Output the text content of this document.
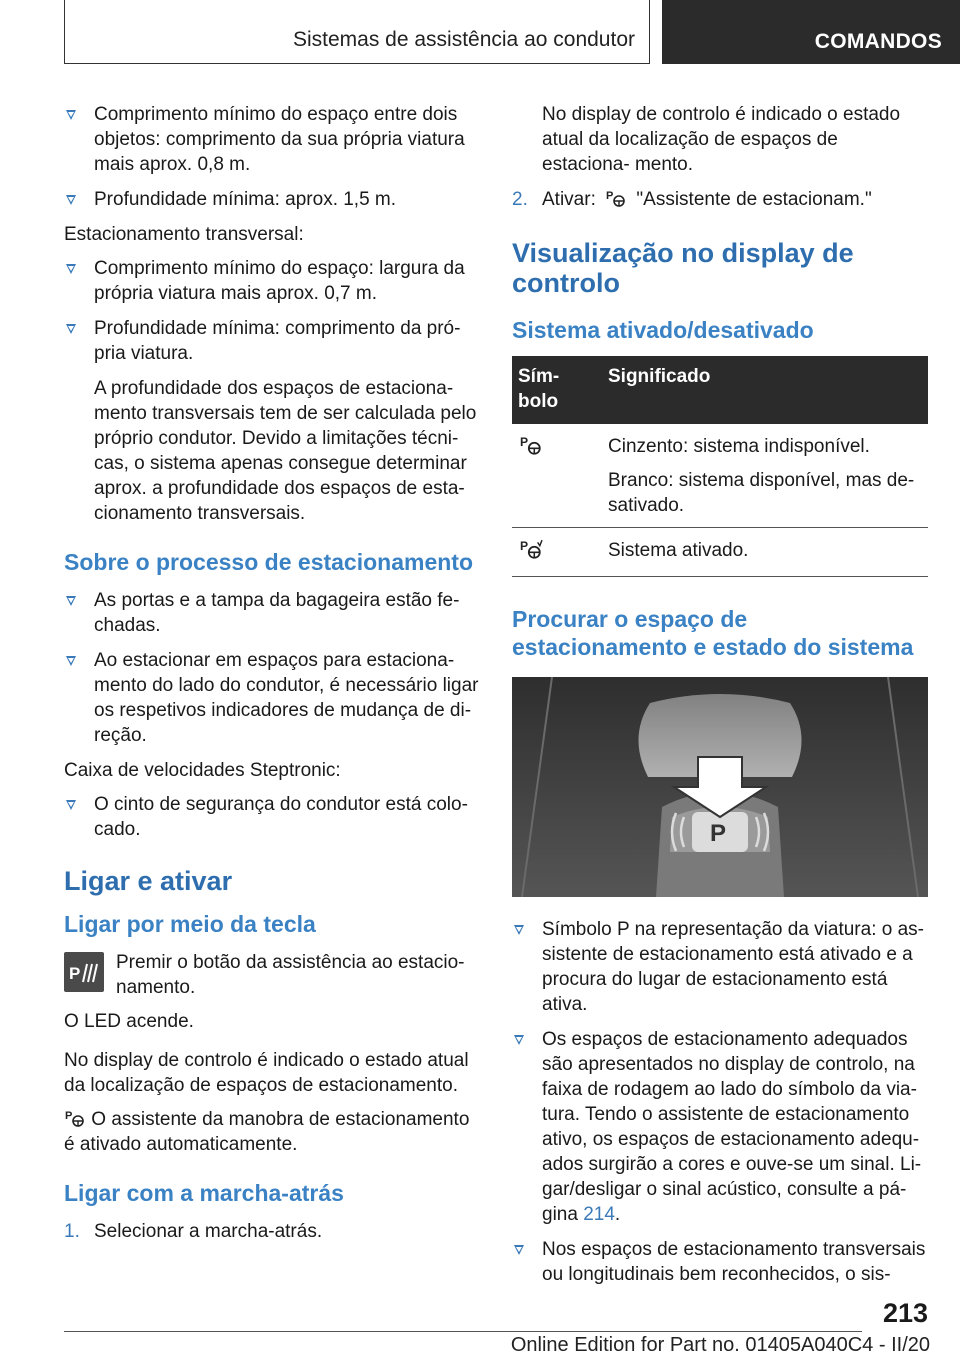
Sistemas de assistência ao condutor	COMANDOS
Comprimento mínimo do espaço entre dois objetos: comprimento da sua própria viatura mais aprox. 0,8 m.
Profundidade mínima: aprox. 1,5 m.
Estacionamento transversal:
Comprimento mínimo do espaço: largura da própria viatura mais aprox. 0,7 m.
Profundidade mínima: comprimento da pró- pria viatura.
A profundidade dos espaços de estaciona- mento transversais tem de ser calculada pelo próprio condutor. Devido a limitações técni- cas, o sistema apenas consegue determinar aprox. a profundidade dos espaços de esta- cionamento transversais.
Sobre o processo de estacionamento
As portas e a tampa da bagageira estão fe- chadas.
Ao estacionar em espaços para estaciona- mento do lado do condutor, é necessário ligar os respetivos indicadores de mudança de di- reção.
Caixa de velocidades Steptronic:
O cinto de segurança do condutor está colo- cado.
Ligar e ativar
Ligar por meio da tecla
P
Premir o botão da assistência ao estacio- namento.
O LED acende.
No display de controlo é indicado o estado atual da localização de espaços de estacionamento.
P O assistente da manobra de estacionamento é ativado automaticamente.
Ligar com a marcha-atrás
1. Selecionar a marcha-atrás.
No display de controlo é indicado o estado atual da localização de espaços de estaciona- mento.
2. Ativar: P "Assistente de estacionam."
Visualização no display de controlo
Sistema ativado/desativado
Sím- bolo	Significado

P	Cinzento: sistema indisponível.

Branco: sistema disponível, mas de- sativado.

P	Sistema ativado.

Procurar o espaço de estacionamento e estado do sistema
P
Símbolo P na representação da viatura: o as- sistente de estacionamento está ativado e a procura do lugar de estacionamento está ativa.
Os espaços de estacionamento adequados são apresentados no display de controlo, na faixa de rodagem ao lado do símbolo da via- tura. Tendo o assistente de estacionamento ativo, os espaços de estacionamento adequ- ados surgirão a cores e ouve-se um sinal. Li- gar/desligar o sinal acústico, consulte a pá- gina 214.
Nos espaços de estacionamento transversais ou longitudinais bem reconhecidos, o sis-
213
Online Edition for Part no. 01405A040C4 - II/20
